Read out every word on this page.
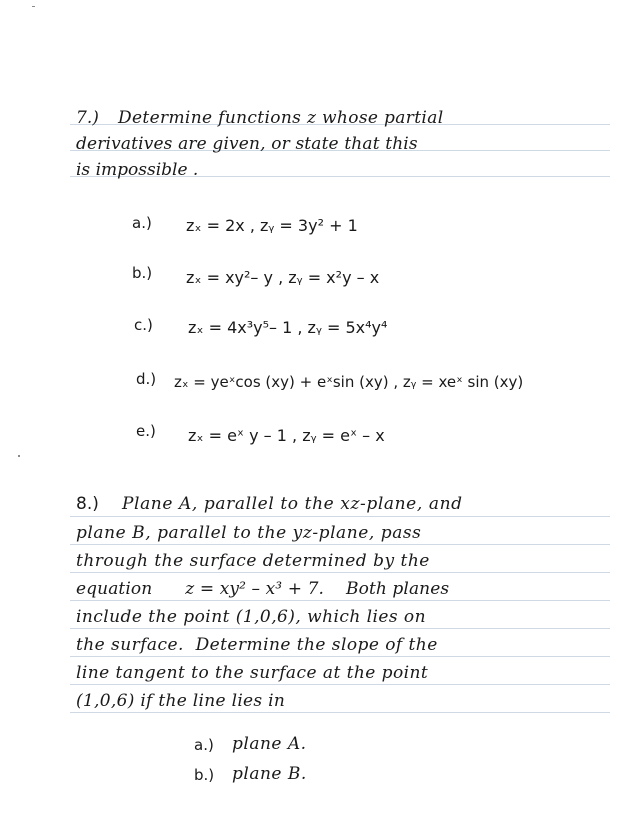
7.) Determine functions z whose partial
derivatives are given, or state that this
is impossible .
a.) zₓ = 2x , zᵧ = 3y² + 1
b.) zₓ = xy²– y , zᵧ = x²y – x
c.) zₓ = 4x³y⁵– 1 , zᵧ = 5x⁴y⁴
d.) zₓ = yeˣcos (xy) + eˣsin (xy) , zᵧ = xeˣ sin (xy)
e.) zₓ = eˣ y – 1 , zᵧ = eˣ – x
8.) Plane A, parallel to the xz-plane, and
plane B, parallel to the yz-plane, pass
through the surface determined by the
equation      z = xy² – x³ + 7.    Both planes
include the point (1,0,6), which lies on
the surface.  Determine the slope of the
line tangent to the surface at the point
(1,0,6) if the line lies in
a.) plane A.
b.) plane B.
